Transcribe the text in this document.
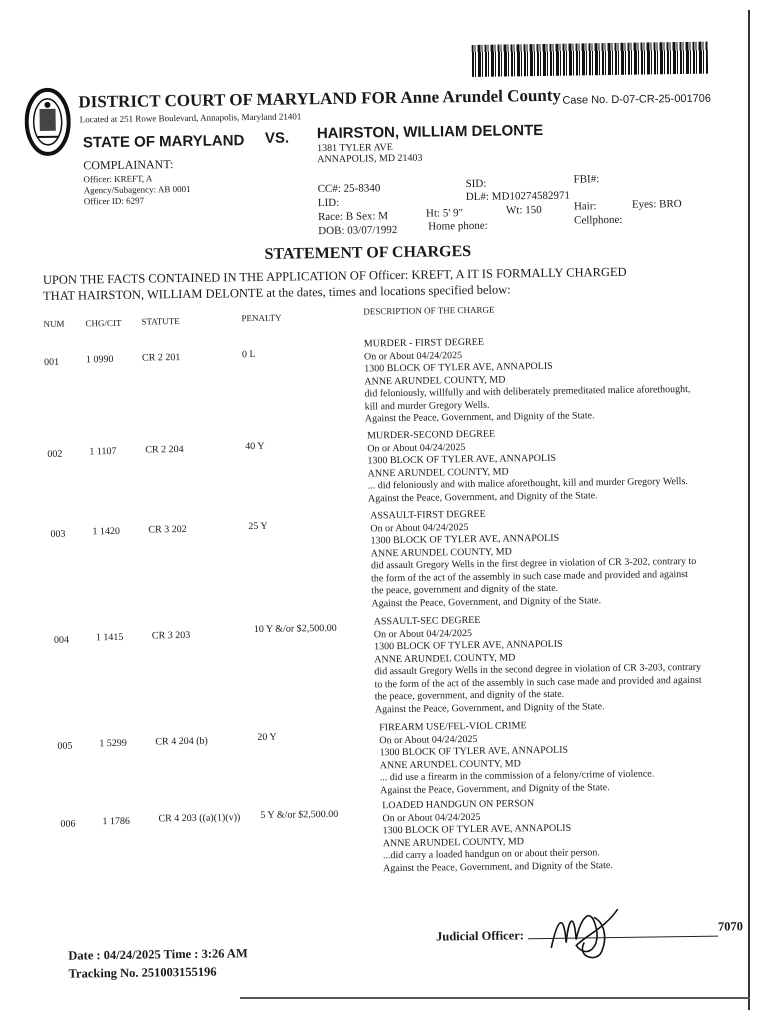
DISTRICT COURT OF MARYLAND FOR Anne Arundel County
Located at 251 Rowe Boulevard, Annapolis, Maryland 21401
Case No. D-07-CR-25-001706
STATE OF MARYLAND VS. HAIRSTON, WILLIAM DELONTE
1381 TYLER AVE
ANNAPOLIS, MD 21403
COMPLAINANT:
Officer: KREFT, A
Agency/Subagency: AB 0001
Officer ID: 6297
CC#: 25-8340
LID:
Race: B Sex: M	Ht: 5' 9"	Wt: 150
DOB: 03/07/1992	Home phone:
SID:
DL#: MD10274582971
FBI#:
Hair:	Eyes: BRO
Cellphone:
STATEMENT OF CHARGES
UPON THE FACTS CONTAINED IN THE APPLICATION OF Officer: KREFT, A IT IS FORMALLY CHARGED
THAT HAIRSTON, WILLIAM DELONTE at the dates, times and locations specified below:
NUM CHG/CIT STATUTE	PENALTY
DESCRIPTION OF THE CHARGE
001	1 0990	CR 2 201	0 L
MURDER - FIRST DEGREE
On or About 04/24/2025
1300 BLOCK OF TYLER AVE, ANNAPOLIS
ANNE ARUNDEL COUNTY, MD
did feloniously, willfully and with deliberately premeditated malice aforethought,
kill and murder Gregory Wells.
Against the Peace, Government, and Dignity of the State.
002	1 1107	CR 2 204	40 Y
MURDER-SECOND DEGREE
On or About 04/24/2025
1300 BLOCK OF TYLER AVE, ANNAPOLIS
ANNE ARUNDEL COUNTY, MD
... did feloniously and with malice aforethought, kill and murder Gregory Wells.
Against the Peace, Government, and Dignity of the State.
003	1 1420	CR 3 202	25 Y
ASSAULT-FIRST DEGREE
On or About 04/24/2025
1300 BLOCK OF TYLER AVE, ANNAPOLIS
ANNE ARUNDEL COUNTY, MD
did assault Gregory Wells in the first degree in violation of CR 3-202, contrary to
the form of the act of the assembly in such case made and provided and against
the peace, government and dignity of the state.
Against the Peace, Government, and Dignity of the State.
004	1 1415	CR 3 203
10 Y &/or $2,500.00
ASSAULT-SEC DEGREE
On or About 04/24/2025
1300 BLOCK OF TYLER AVE, ANNAPOLIS
ANNE ARUNDEL COUNTY, MD
did assault Gregory Wells in the second degree in violation of CR 3-203, contrary
to the form of the act of the assembly in such case made and provided and against
the peace, government, and dignity of the state.
Against the Peace, Government, and Dignity of the State.
005	1 5299	CR 4 204 (b)	20 Y
FIREARM USE/FEL-VIOL CRIME
On or About 04/24/2025
1300 BLOCK OF TYLER AVE, ANNAPOLIS
ANNE ARUNDEL COUNTY, MD
... did use a firearm in the commission of a felony/crime of violence.
Against the Peace, Government, and Dignity of the State.
006	1 1786	CR 4 203 ((a)(1)(v)) 5 Y &/or $2,500.00
LOADED HANDGUN ON PERSON
On or About 04/24/2025
1300 BLOCK OF TYLER AVE, ANNAPOLIS
ANNE ARUNDEL COUNTY, MD
...did carry a loaded handgun on or about their person.
Against the Peace, Government, and Dignity of the State.
Date : 04/24/2025 Time : 3:26 AM
Tracking No. 251003155196
Judicial Officer:
7070
